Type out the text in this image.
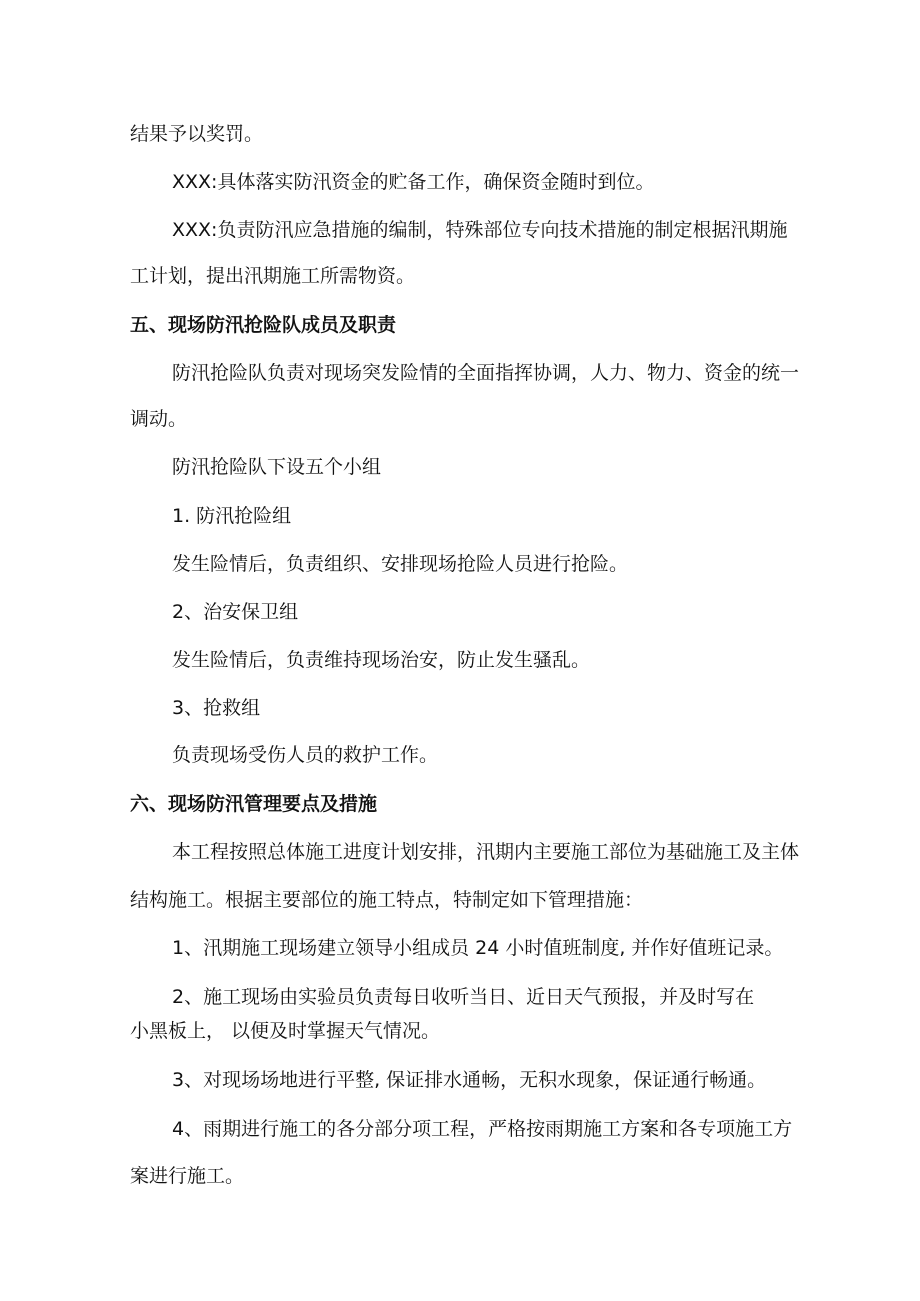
结果予以奖罚。

XXX:具体落实防汛资金的贮备工作，确保资金随时到位。

XXX:负责防汛应急措施的编制，特殊部位专向技术措施的制定根据汛期施

工计划，提出汛期施工所需物资。

五、现场防汛抢险队成员及职责

防汛抢险队负责对现场突发险情的全面指挥协调，人力、物力、资金的统一

调动。

防汛抢险队下设五个小组

1. 防汛抢险组

发生险情后，负责组织、安排现场抢险人员进行抢险。

2、治安保卫组

发生险情后，负责维持现场治安，防止发生骚乱。

3、抢救组

负责现场受伤人员的救护工作。

六、现场防汛管理要点及措施

本工程按照总体施工进度计划安排，汛期内主要施工部位为基础施工及主体

结构施工。根据主要部位的施工特点，特制定如下管理措施：

1、汛期施工现场建立领导小组成员 24 小时值班制度, 并作好值班记录。

2、施工现场由实验员负责每日收听当日、近日天气预报，并及时写在

小黑板上， 以便及时掌握天气情况。

3、对现场场地进行平整, 保证排水通畅，无积水现象，保证通行畅通。

4、雨期进行施工的各分部分项工程，严格按雨期施工方案和各专项施工方

案进行施工。
